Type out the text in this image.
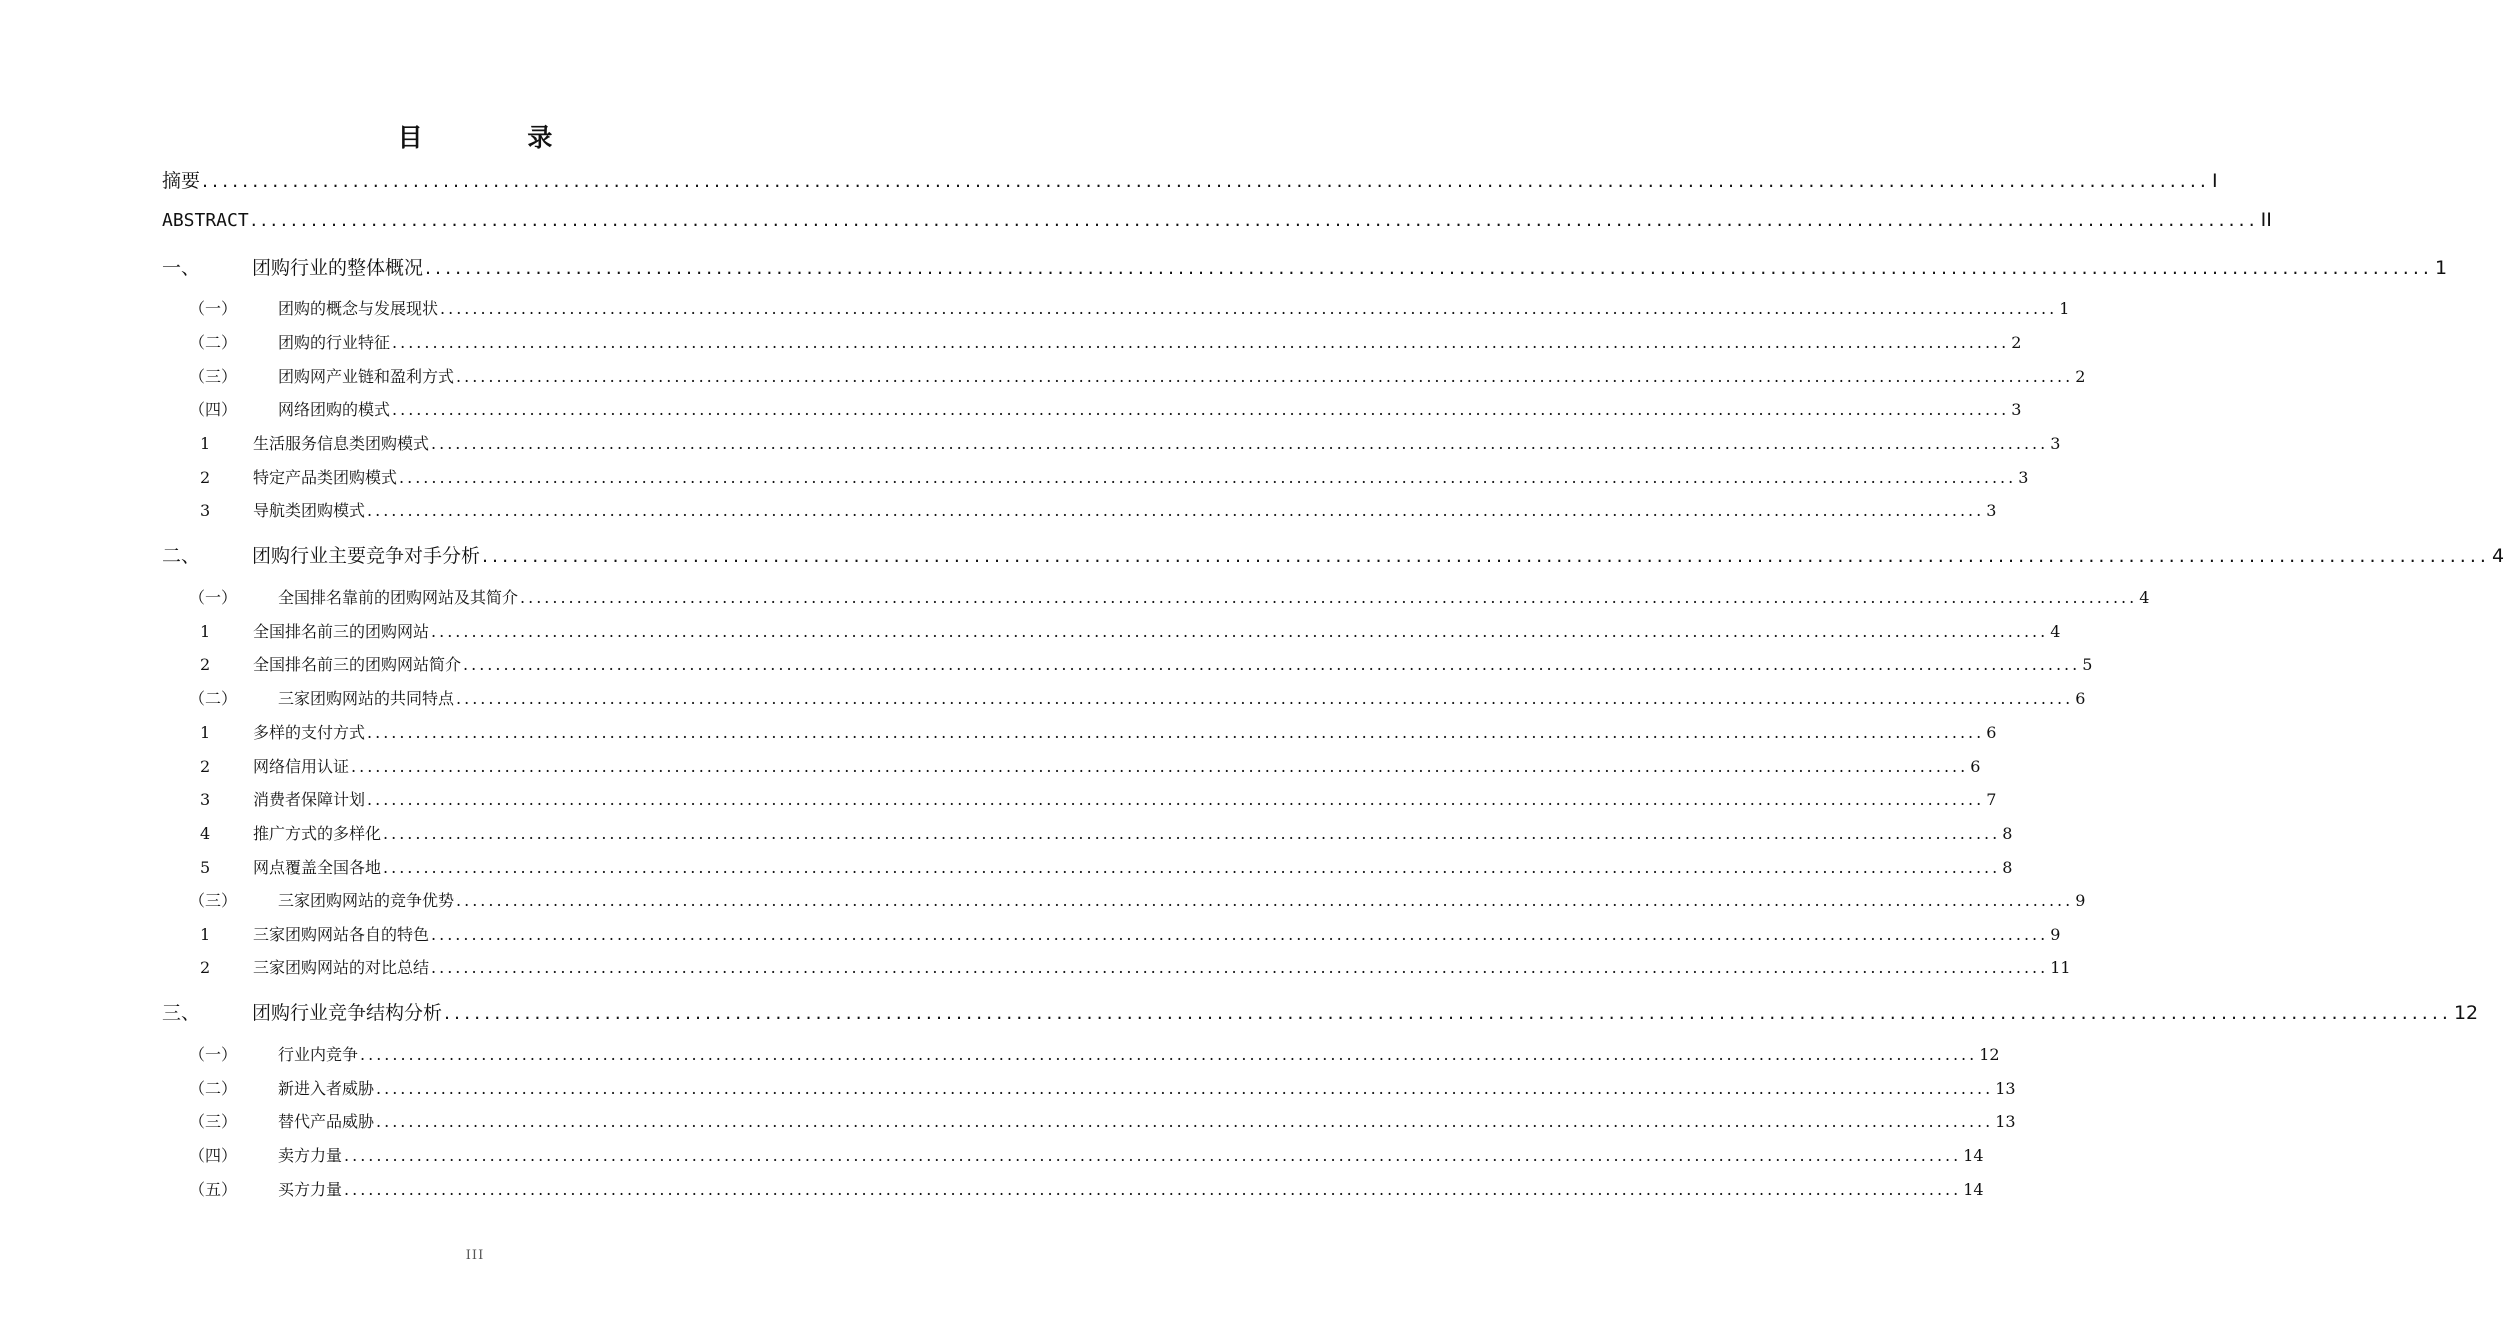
目 录
摘要 ........................................................................................................................................................................................................ I
ABSTRACT ........................................................................................................................................................................................................ II
一、	团购行业的整体概况 ........................................................................................................................................................................................................ 1
（一）	团购的概念与发展现状 ........................................................................................................................................................................................................ 1
（二）	团购的行业特征 ........................................................................................................................................................................................................ 2
（三）	团购网产业链和盈利方式 ........................................................................................................................................................................................................ 2
（四）	网络团购的模式 ........................................................................................................................................................................................................ 3
1	生活服务信息类团购模式 ........................................................................................................................................................................................................ 3
2	特定产品类团购模式 ........................................................................................................................................................................................................ 3
3	导航类团购模式 ........................................................................................................................................................................................................ 3
二、	团购行业主要竞争对手分析 ........................................................................................................................................................................................................ 4
（一）	全国排名靠前的团购网站及其简介 ........................................................................................................................................................................................................ 4
1	全国排名前三的团购网站 ........................................................................................................................................................................................................ 4
2	全国排名前三的团购网站简介 ........................................................................................................................................................................................................ 5
（二）	三家团购网站的共同特点 ........................................................................................................................................................................................................ 6
1	多样的支付方式 ........................................................................................................................................................................................................ 6
2	网络信用认证 ........................................................................................................................................................................................................ 6
3	消费者保障计划 ........................................................................................................................................................................................................ 7
4	推广方式的多样化 ........................................................................................................................................................................................................ 8
5	网点覆盖全国各地 ........................................................................................................................................................................................................ 8
（三）	三家团购网站的竞争优势 ........................................................................................................................................................................................................ 9
1	三家团购网站各自的特色 ........................................................................................................................................................................................................ 9
2	三家团购网站的对比总结 ........................................................................................................................................................................................................ 11
三、	团购行业竞争结构分析 ........................................................................................................................................................................................................ 12
（一）	行业内竞争 ........................................................................................................................................................................................................ 12
（二）	新进入者威胁 ........................................................................................................................................................................................................ 13
（三）	替代产品威胁 ........................................................................................................................................................................................................ 13
（四）	卖方力量 ........................................................................................................................................................................................................ 14
（五）	买方力量 ........................................................................................................................................................................................................ 14
III
